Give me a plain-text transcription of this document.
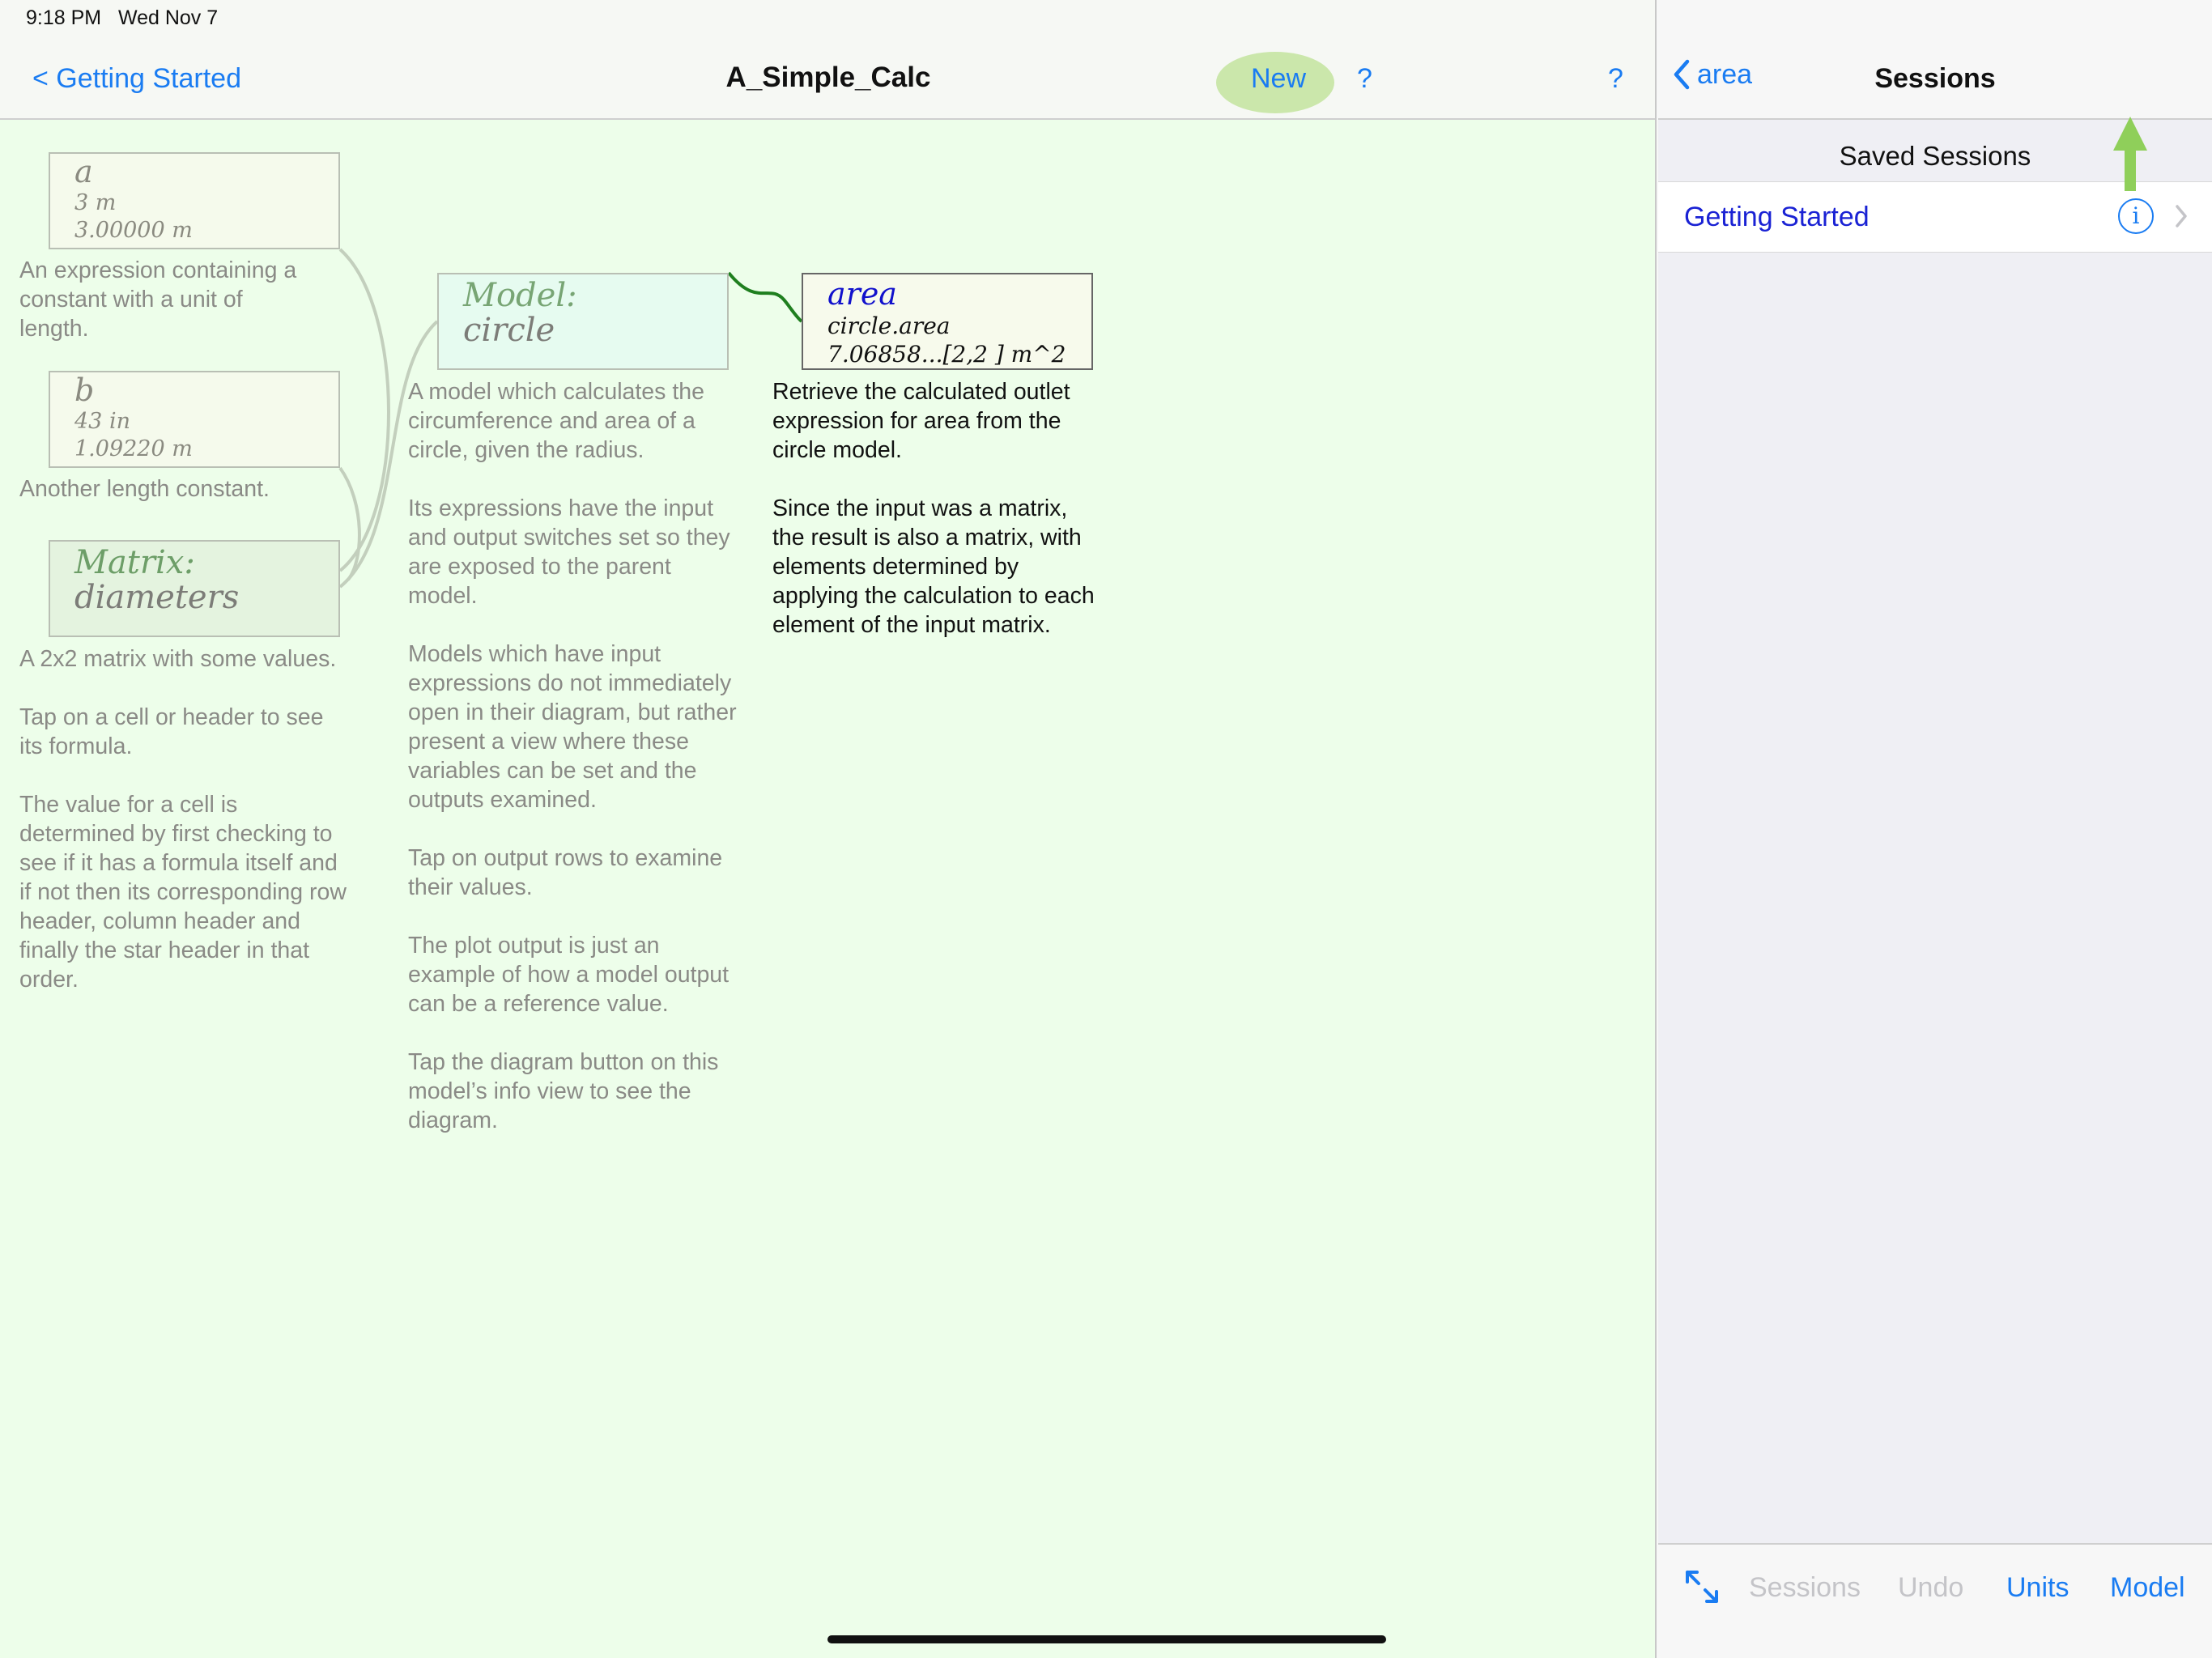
< Getting Started	A_Simple_Calc	?
a
3 m
3.00000 m
An expression containing a
constant with a unit of
length.
b
43 in
1.09220 m
Another length constant.
Matrix:
diameters
A 2x2 matrix with some values.

Tap on a cell or header to see
its formula.

The value for a cell is
determined by first checking to
see if it has a formula itself and
if not then its corresponding row
header, column header and
finally the star header in that
order.
Model:
circle
A model which calculates the
circumference and area of a
circle, given the radius.

Its expressions have the input
and output switches set so they
are exposed to the parent
model.

Models which have input
expressions do not immediately
open in their diagram, but rather
present a view where these
variables can be set and the
outputs examined.

Tap on output rows to examine
their values.

The plot output is just an
example of how a model output
can be a reference value.

Tap the diagram button on this
model’s info view to see the
diagram.
area
circle.area
7.06858...[2,2 ] m^2
Retrieve the calculated outlet
expression for area from the
circle model.

Since the input was a matrix,
the result is also a matrix, with
elements determined by
applying the calculation to each
element of the input matrix.
9:18 PM Wed Nov 7
area	Sessions
Saved Sessions
Getting Started	i
Sessions Undo Units Model
New ?
